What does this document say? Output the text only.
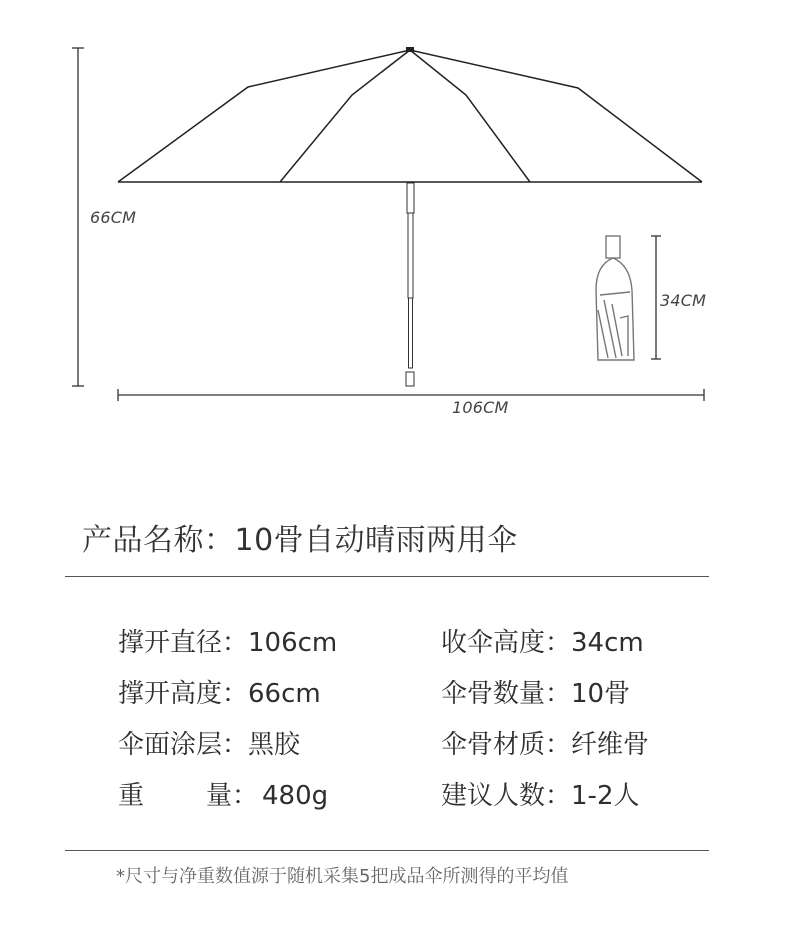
66CM
34CM
106CM
产品名称：10骨自动晴雨两用伞
撑开直径：106cm	收伞高度：34cm
撑开高度：66cm	伞骨数量：10骨
伞面涂层：黑胶	伞骨材质：纤维骨
重 量： 480g	建议人数：1-2人
*尺寸与净重数值源于随机采集5把成品伞所测得的平均值
